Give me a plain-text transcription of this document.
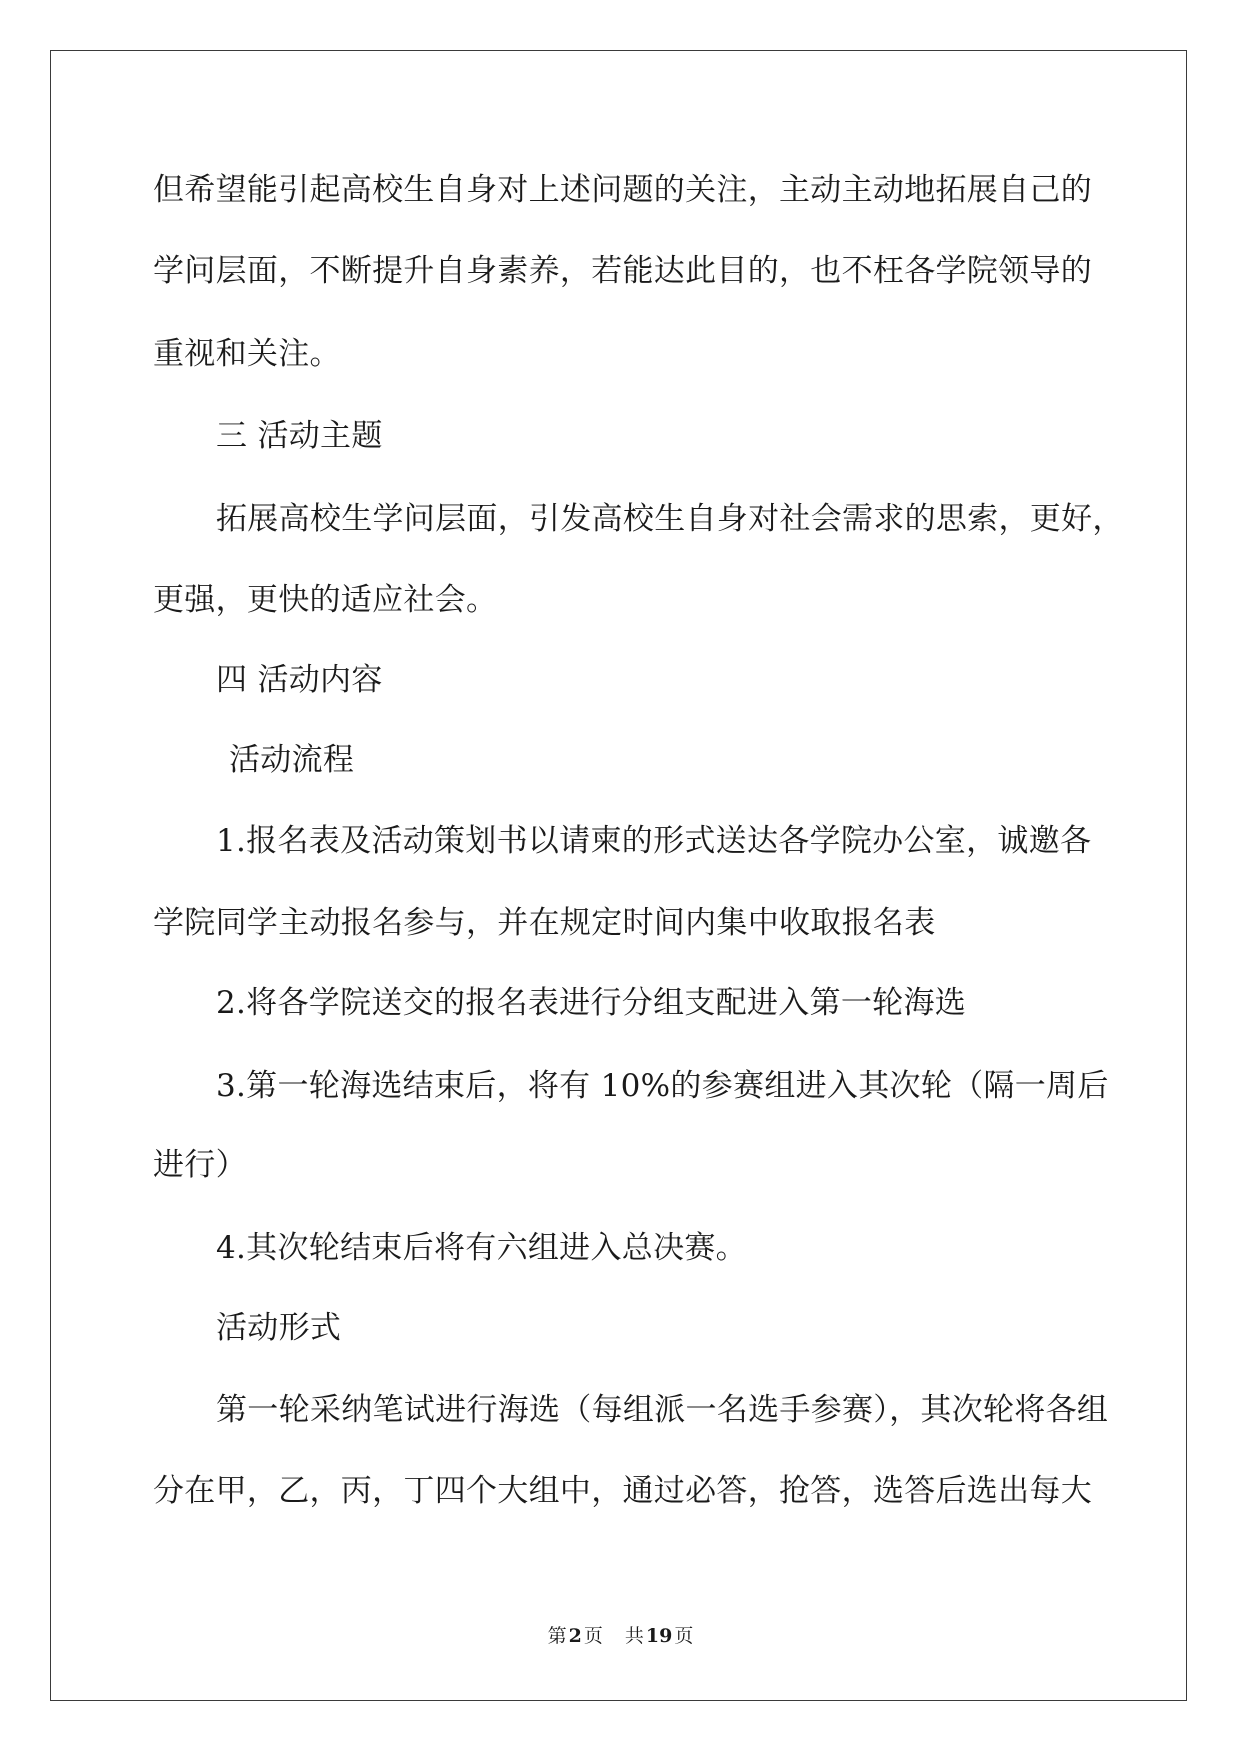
但希望能引起高校生自身对上述问题的关注，主动主动地拓展自己的
学问层面，不断提升自身素养，若能达此目的，也不枉各学院领导的
重视和关注。
三 活动主题
拓展高校生学问层面，引发高校生自身对社会需求的思索，更好，
更强，更快的适应社会。
四 活动内容
活动流程
1.报名表及活动策划书以请柬的形式送达各学院办公室，诚邀各
学院同学主动报名参与，并在规定时间内集中收取报名表
2.将各学院送交的报名表进行分组支配进入第一轮海选
3.第一轮海选结束后，将有 10%的参赛组进入其次轮（隔一周后
进行）
4.其次轮结束后将有六组进入总决赛。
活动形式
第一轮采纳笔试进行海选（每组派一名选手参赛），其次轮将各组
分在甲，乙，丙，丁四个大组中，通过必答，抢答，选答后选出每大
第 2 页 共 19 页
